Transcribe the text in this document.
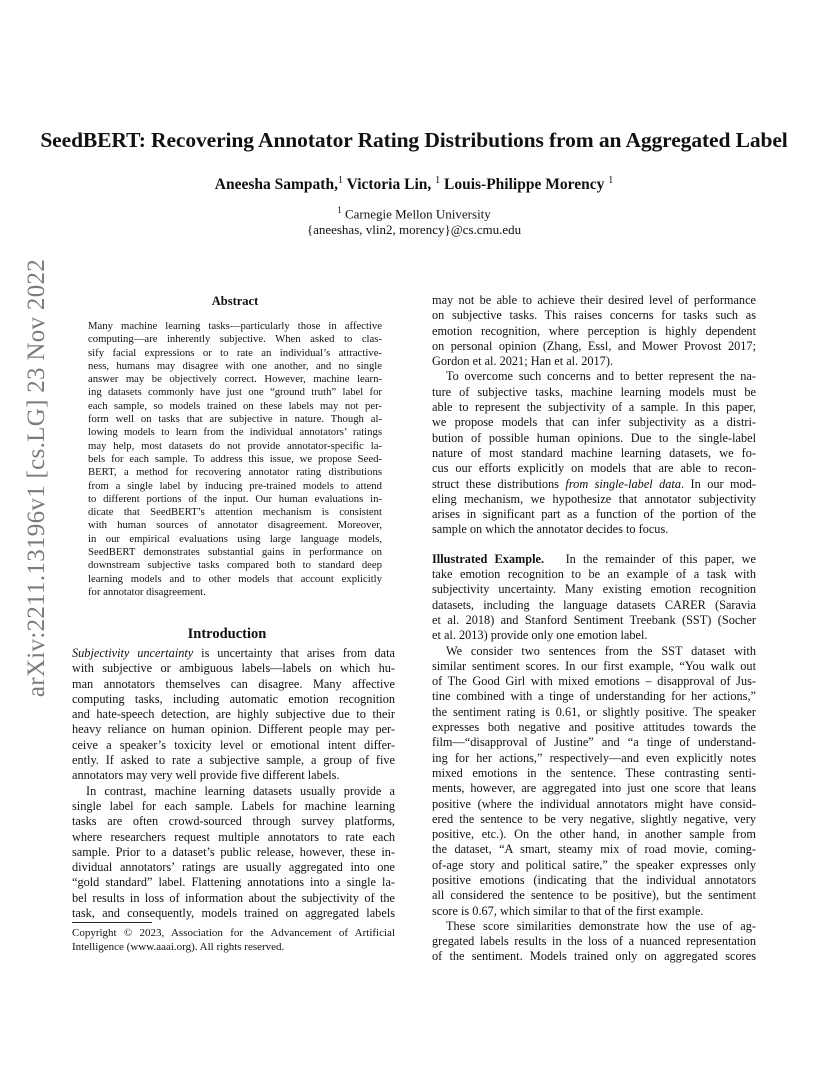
arXiv:2211.13196v1 [cs.LG] 23 Nov 2022
SeedBERT: Recovering Annotator Rating Distributions from an Aggregated Label
Aneesha Sampath,$^1$ Victoria Lin, $^1$ Louis-Philippe Morency $^1$
$^1$ Carnegie Mellon University
{aneeshas, vlin2, morency}@cs.cmu.edu
Abstract
Many machine learning tasks—particularly those in affective
computing—are inherently subjective. When asked to clas-
sify facial expressions or to rate an individual’s attractive-
ness, humans may disagree with one another, and no single
answer may be objectively correct. However, machine learn-
ing datasets commonly have just one “ground truth” label for
each sample, so models trained on these labels may not per-
form well on tasks that are subjective in nature. Though al-
lowing models to learn from the individual annotators’ ratings
may help, most datasets do not provide annotator-specific la-
bels for each sample. To address this issue, we propose Seed-
BERT, a method for recovering annotator rating distributions
from a single label by inducing pre-trained models to attend
to different portions of the input. Our human evaluations in-
dicate that SeedBERT’s attention mechanism is consistent
with human sources of annotator disagreement. Moreover,
in our empirical evaluations using large language models,
SeedBERT demonstrates substantial gains in performance on
downstream subjective tasks compared both to standard deep
learning models and to other models that account explicitly
for annotator disagreement.
Introduction
Subjectivity uncertainty is uncertainty that arises from data
with subjective or ambiguous labels—labels on which hu-
man annotators themselves can disagree. Many affective
computing tasks, including automatic emotion recognition
and hate-speech detection, are highly subjective due to their
heavy reliance on human opinion. Different people may per-
ceive a speaker’s toxicity level or emotional intent differ-
ently. If asked to rate a subjective sample, a group of five
annotators may very well provide five different labels.
In contrast, machine learning datasets usually provide a
single label for each sample. Labels for machine learning
tasks are often crowd-sourced through survey platforms,
where researchers request multiple annotators to rate each
sample. Prior to a dataset’s public release, however, these in-
dividual annotators’ ratings are usually aggregated into one
“gold standard” label. Flattening annotations into a single la-
bel results in loss of information about the subjectivity of the
task, and consequently, models trained on aggregated labels
Copyright © 2023, Association for the Advancement of Artificial
Intelligence (www.aaai.org). All rights reserved.
may not be able to achieve their desired level of performance
on subjective tasks. This raises concerns for tasks such as
emotion recognition, where perception is highly dependent
on personal opinion (Zhang, Essl, and Mower Provost 2017;
Gordon et al. 2021; Han et al. 2017).
To overcome such concerns and to better represent the na-
ture of subjective tasks, machine learning models must be
able to represent the subjectivity of a sample. In this paper,
we propose models that can infer subjectivity as a distri-
bution of possible human opinions. Due to the single-label
nature of most standard machine learning datasets, we fo-
cus our efforts explicitly on models that are able to recon-
struct these distributions from single-label data. In our mod-
eling mechanism, we hypothesize that annotator subjectivity
arises in significant part as a function of the portion of the
sample on which the annotator decides to focus.
Illustrated Example. In the remainder of this paper, we
take emotion recognition to be an example of a task with
subjectivity uncertainty. Many existing emotion recognition
datasets, including the language datasets CARER (Saravia
et al. 2018) and Stanford Sentiment Treebank (SST) (Socher
et al. 2013) provide only one emotion label.
We consider two sentences from the SST dataset with
similar sentiment scores. In our first example, “You walk out
of The Good Girl with mixed emotions – disapproval of Jus-
tine combined with a tinge of understanding for her actions,”
the sentiment rating is 0.61, or slightly positive. The speaker
expresses both negative and positive attitudes towards the
film—“disapproval of Justine” and “a tinge of understand-
ing for her actions,” respectively—and even explicitly notes
mixed emotions in the sentence. These contrasting senti-
ments, however, are aggregated into just one score that leans
positive (where the individual annotators might have consid-
ered the sentence to be very negative, slightly negative, very
positive, etc.). On the other hand, in another sample from
the dataset, “A smart, steamy mix of road movie, coming-
of-age story and political satire,” the speaker expresses only
positive emotions (indicating that the individual annotators
all considered the sentence to be positive), but the sentiment
score is 0.67, which similar to that of the first example.
These score similarities demonstrate how the use of ag-
gregated labels results in the loss of a nuanced representation
of the sentiment. Models trained only on aggregated scores
